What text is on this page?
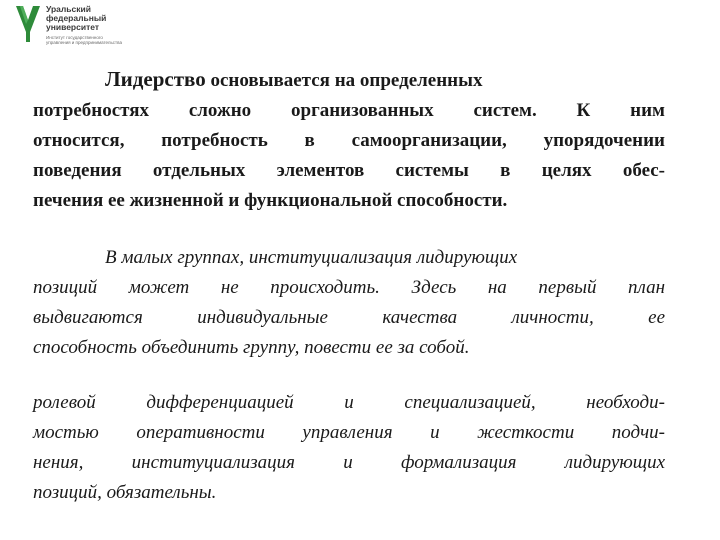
Уральский
федеральный
университет
Институт государственного
управления и предпринимательства
Лидерство основывается на определенных
потребностях сложно организованных систем. К ним
относится, потребность в самоорганизации, упорядочении
поведения отдельных элементов системы в целях обес-
печения ее жизненной и функциональной способности.
В малых группах, институциализация лидирующих
позиций может не происходить. Здесь на первый план
выдвигаются индивидуальные качества личности, ее
способность объединить группу, повести ее за собой.
ролевой дифференциацией и специализацией, необходи-
мостью оперативности управления и жесткости подчи-
нения, институциализация и формализация лидирующих
позиций, обязательны.
